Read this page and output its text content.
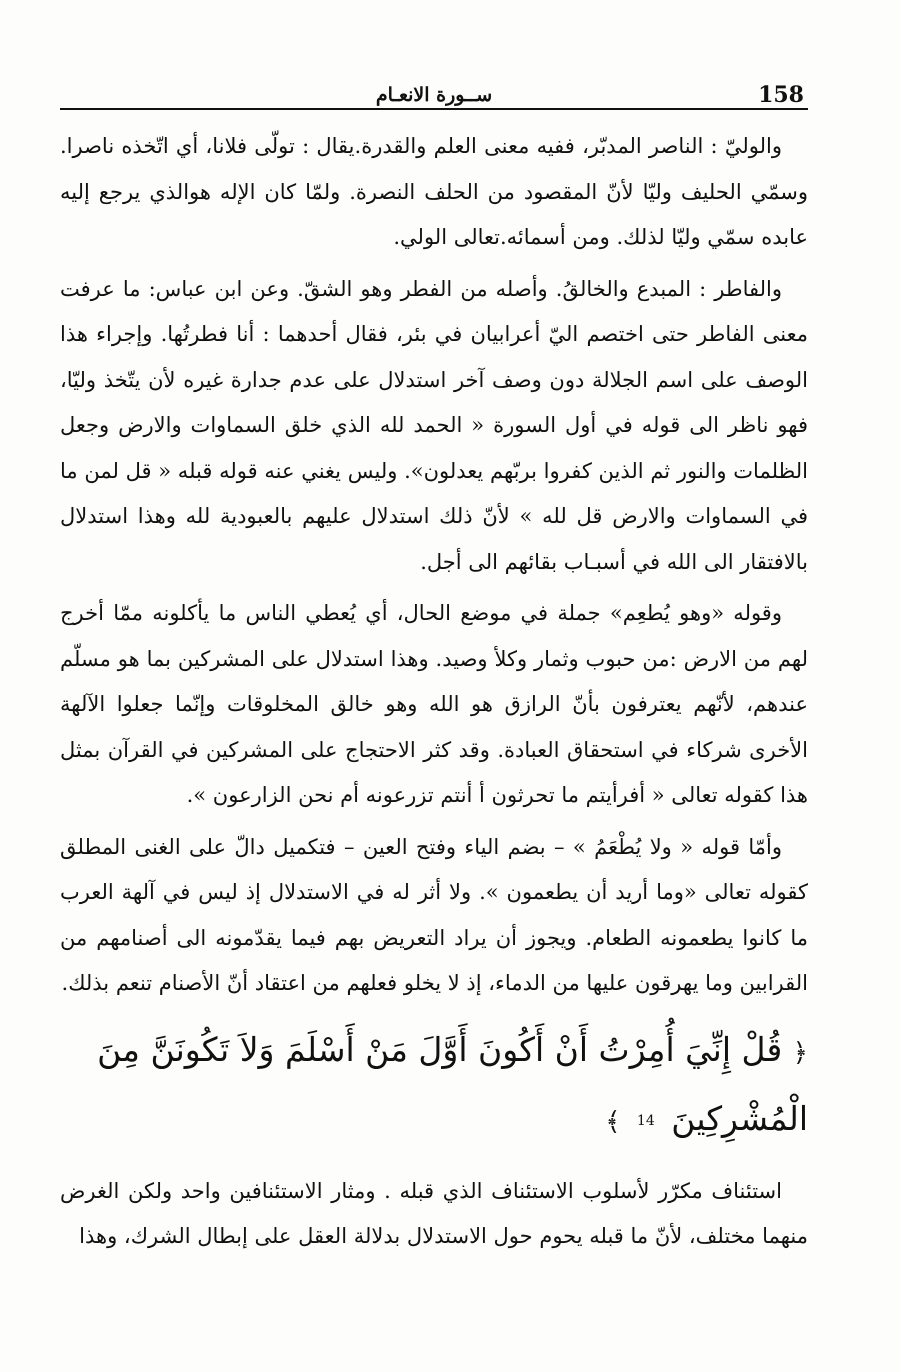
158
ســورة الانعـام

والوليّ : الناصر المدبّر، ففيه معنى العلم والقدرة.يقال : تولّى فلانا، أي اتّخذه ناصرا. وسمّي الحليف وليّا لأنّ المقصود من الحلف النصرة. ولمّا كان الإله هوالذي يرجع إليه عابده سمّي وليّا لذلك. ومن أسمائه.تعالى الولي.

والفاطر : المبدع والخالقُ. وأصله من الفطر وهو الشقّ. وعن ابن عباس: ما عرفت معنى الفاطر حتى اختصم اليّ أعرابيان في بئر، فقال أحدهما : أنا فطرتُها. وإجراء هذا الوصف على اسم الجلالة دون وصف آخر استدلال على عدم جدارة غيره لأن يتّخذ وليّا، فهو ناظر الى قوله في أول السورة « الحمد لله الذي خلق السماوات والارض وجعل الظلمات والنور ثم الذين كفروا بربّهم يعدلون». وليس يغني عنه قوله قبله « قل لمن ما في السماوات والارض قل لله » لأنّ ذلك استدلال عليهم بالعبودية لله وهذا استدلال بالافتقار الى الله في أسبـاب بقائهم الى أجل.

وقوله «وهو يُطعِم» جملة في موضع الحال، أي يُعطي الناس ما يأكلونه ممّا أخرج لهم من الارض :من حبوب وثمار وكلأ وصيد. وهذا استدلال على المشركين بما هو مسلّم عندهم، لأنّهم يعترفون بأنّ الرازق هو الله وهو خالق المخلوقات وإنّما جعلوا الآلهة الأخرى شركاء في استحقاق العبادة. وقد كثر الاحتجاج على المشركين في القرآن بمثل هذا كقوله تعالى « أفرأيتم ما تحرثون أ أنتم تزرعونه أم نحن الزارعون ».

وأمّا قوله « ولا يُطْعَمُ » – بضم الياء وفتح العين – فتكميل دالّ على الغنى المطلق كقوله تعالى «وما أريد أن يطعمون ». ولا أثر له في الاستدلال إذ ليس في آلهة العرب ما كانوا يطعمونه الطعام. ويجوز أن يراد التعريض بهم فيما يقدّمونه الى أصنامهم من القرابين وما يهرقون عليها من الدماء، إذ لا يخلو فعلهم من اعتقاد أنّ الأصنام تنعم بذلك.

﴿ قُلْ إِنِّيَ أُمِرْتُ أَنْ أَكُونَ أَوَّلَ مَنْ أَسْلَمَ وَلاَ تَكُونَنَّ مِنَ الْمُشْرِكِينَ 14 ﴾

استئناف مكرّر لأسلوب الاستئناف الذي قبله . ومثار الاستئنافين واحد ولكن الغرض منهما مختلف، لأنّ ما قبله يحوم حول الاستدلال بدلالة العقل على إبطال الشرك، وهذا
